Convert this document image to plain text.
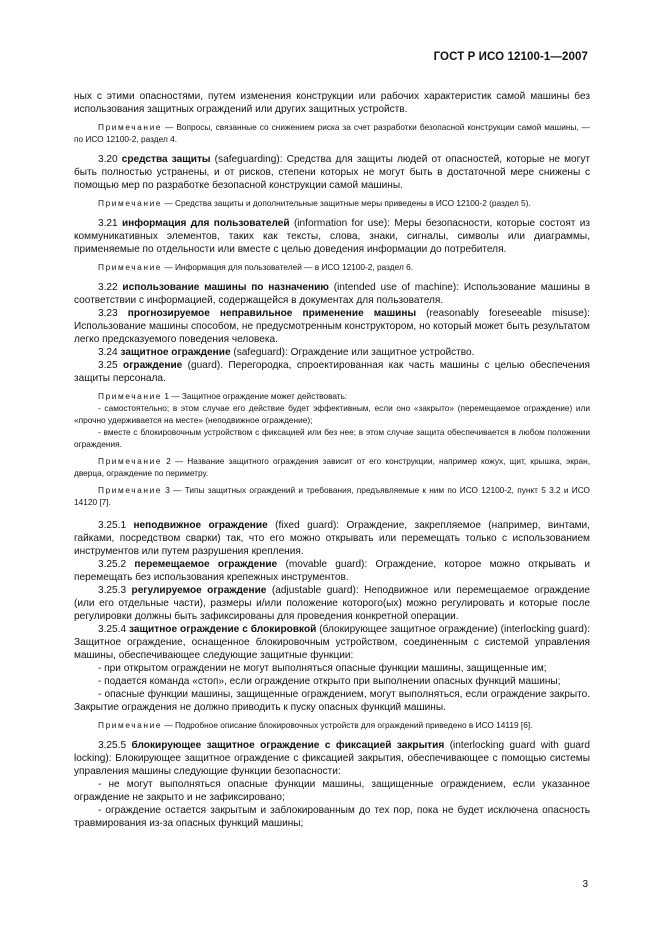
ГОСТ Р ИСО 12100-1—2007

ных с этими опасностями, путем изменения конструкции или рабочих характеристик самой машины без использования защитных ограждений или других защитных устройств.

Примечание — Вопросы, связанные со снижением риска за счет разработки безопасной конструкции самой машины, — по ИСО 12100-2, раздел 4.

3.20 средства защиты (safeguarding): Средства для защиты людей от опасностей, которые не могут быть полностью устранены, и от рисков, степени которых не могут быть в достаточной мере снижены с помощью мер по разработке безопасной конструкции самой машины.

Примечание — Средства защиты и дополнительные защитные меры приведены в ИСО 12100-2 (раздел 5).

3.21 информация для пользователей (information for use): Меры безопасности, которые состоят из коммуникативных элементов, таких как тексты, слова, знаки, сигналы, символы или диаграммы, применяемые по отдельности или вместе с целью доведения информации до потребителя.

Примечание — Информация для пользователей — в ИСО 12100-2, раздел 6.

3.22 использование машины по назначению (intended use of machine): Использование машины в соответствии с информацией, содержащейся в документах для пользователя.

3.23 прогнозируемое неправильное применение машины (reasonably foreseeable misuse): Использование машины способом, не предусмотренным конструктором, но который может быть результатом легко предсказуемого поведения человека.

3.24 защитное ограждение (safeguard): Ограждение или защитное устройство.

3.25 ограждение (guard). Перегородка, спроектированная как часть машины с целью обеспечения защиты персонала.

Примечание 1 — Защитное ограждение может действовать:

- самостоятельно; в этом случае его действие будет эффективным, если оно «закрыто» (перемещаемое ограждение) или «прочно удерживается на месте» (неподвижное ограждение);

- вместе с блокировочным устройством с фиксацией или без нее; в этом случае защита обеспечивается в любом положении ограждения.

Примечание 2 — Название защитного ограждения зависит от его конструкции, например кожух, щит, крышка, экран, дверца, ограждение по периметру.

Примечание 3 — Типы защитных ограждений и требования, предъявляемые к ним по ИСО 12100-2, пункт 5 3.2 и ИСО 14120 [7].

3.25.1 неподвижное ограждение (fixed guard): Ограждение, закрепляемое (например, винтами, гайками, посредством сварки) так, что его можно открывать или перемещать только с использованием инструментов или путем разрушения крепления.

3.25.2 перемещаемое ограждение (movable guard): Ограждение, которое можно открывать и перемещать без использования крепежных инструментов.

3.25.3 регулируемое ограждение (adjustable guard): Неподвижное или перемещаемое ограждение (или его отдельные части), размеры и/или положение которого(ых) можно регулировать и которые после регулировки должны быть зафиксированы для проведения конкретной операции.

3.25.4 защитное ограждение с блокировкой (блокирующее защитное ограждение) (interlocking guard): Защитное ограждение, оснащенное блокировочным устройством, соединенным с системой управления машины, обеспечивающее следующие защитные функции:

- при открытом ограждении не могут выполняться опасные функции машины, защищенные им;

- подается команда «стоп», если ограждение открыто при выполнении опасных функций машины;

- опасные функции машины, защищенные ограждением, могут выполняться, если ограждение закрыто. Закрытие ограждения не должно приводить к пуску опасных функций машины.

Примечание — Подробное описание блокировочных устройств для ограждений приведено в ИСО 14119 [6].

3.25.5 блокирующее защитное ограждение с фиксацией закрытия (interlocking guard with guard locking): Блокирующее защитное ограждение с фиксацией закрытия, обеспечивающее с помощью системы управления машины следующие функции безопасности:

- не могут выполняться опасные функции машины, защищенные ограждением, если указанное ограждение не закрыто и не зафиксировано;

- ограждение остается закрытым и заблокированным до тех пор, пока не будет исключена опасность травмирования из-за опасных функций машины;

3
